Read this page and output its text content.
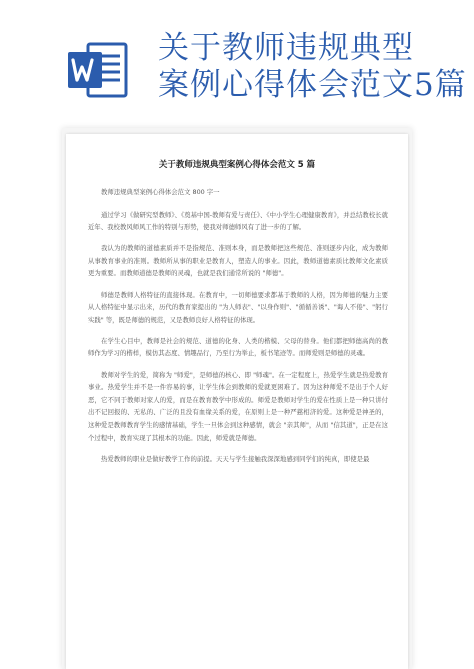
关于教师违规典型
案例心得体会范文5篇
关于教师违规典型案例心得体会范文 5 篇

教师违规典型案例心得体会范文 800 字一

通过学习《做研究型教师》、《奠基中国-教师有爱与责任》、《中小学生心理健康教育》，并总结教校长就近年、我校教风师风工作的特别与形势，使我对师德师风有了进一步的了解。

我认为的教师的道德素质并不是指规范、准则本身，而是教师把这些规范、准则逐步内化，成为教师从事教育事业的准则。教师所从事的职业是教育人，塑造人的事业。因此，教师道德素质比教师文化素质更为重要。而教师道德是教师的灵魂，也就是我们通常所说的 "师德"。

师德是教师人格特征的直接体现。在教育中，一切师德要求都基于教师的人格，因为师德的魅力主要从人格特征中显示出来，历代的教育家提出的 "为人师表"、"以身作则"、"循循善诱"、"诲人不倦"、"躬行实践" 等，既是师德的规范，又是教师良好人格特征的体现。

在学生心目中，教师是社会的规范、道德的化身、人类的楷模、父母的替身。他们都把师德高尚的教师作为学习的楷样，模仿其态度、情趣品行，乃至行为举止，板书笔迹等。而师爱则是师德的灵魂。

教师对学生的爱，简称为 "师爱"，是师德的核心、即 "师魂"。在一定程度上，热爱学生就是热爱教育事业。热爱学生并不是一件容易的事，让学生体会到教师的爱就更困难了。因为这种师爱不是出于个人好恶，它不同于教师对家人的爱，而是在教育教学中形成的。师爱是教师对学生的爱在性质上是一种只讲付出不记回报的、无私的、广泛的且没有血缘关系的爱，在原则上是一种严慈相济的爱。这种爱是神圣的，这种爱是教师教育学生的感情基础，学生一旦体会到这种感情，就会 "亲其师"，从而 "信其道"，正是在这个过程中，教育实现了其根本的功能。因此，师爱就是师德。

热爱教师的职业是做好教学工作的前提。天天与学生接触我深深地感到同学们的纯真，即使是最
